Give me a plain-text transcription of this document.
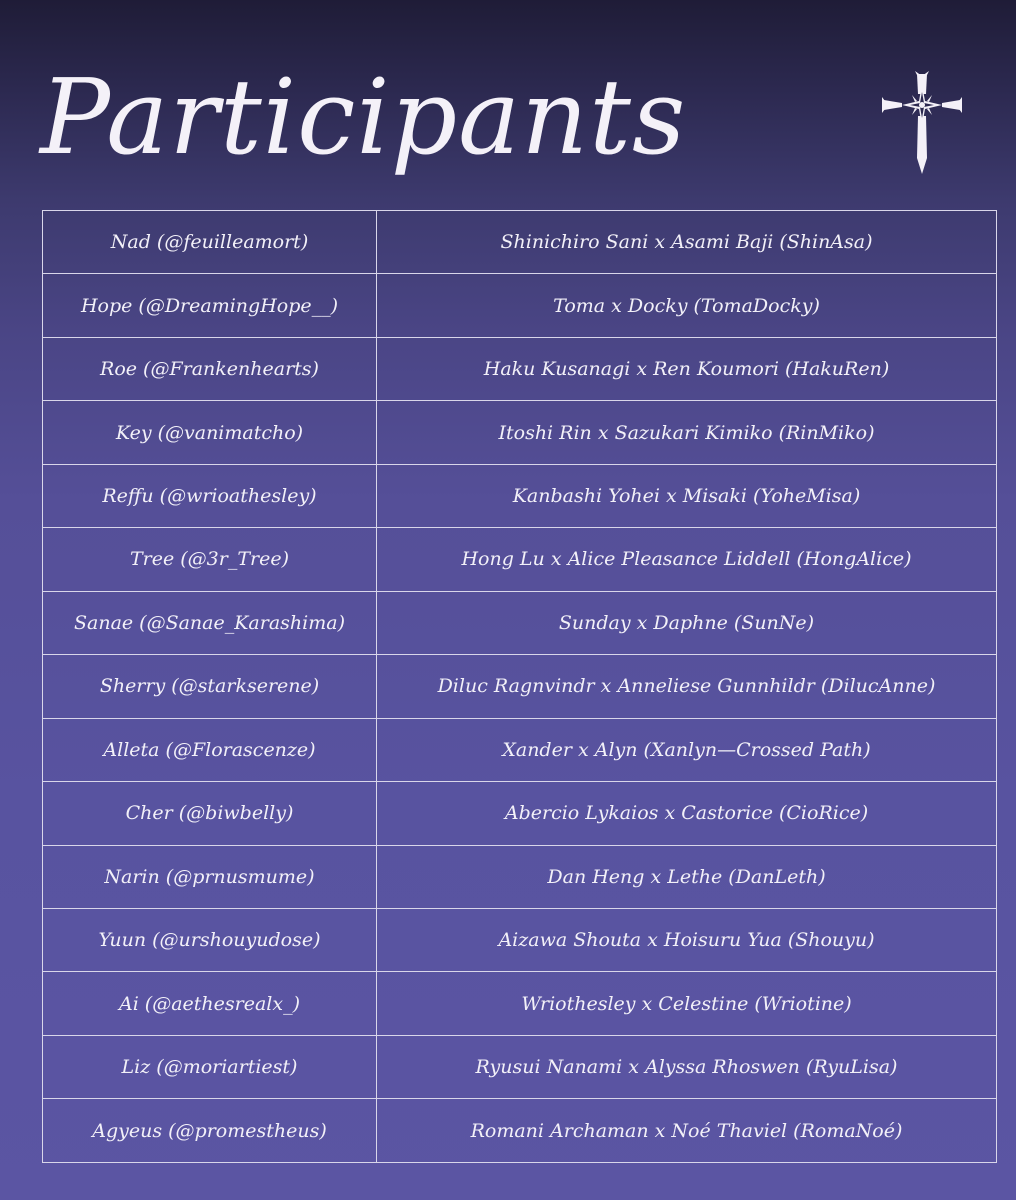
Participants
Nad (@feuilleamort)	Shinichiro Sani x Asami Baji (ShinAsa)
Hope (@DreamingHope__)	Toma x Docky (TomaDocky)
Roe (@Frankenhearts)	Haku Kusanagi x Ren Koumori (HakuRen)
Key (@vanimatcho)	Itoshi Rin x Sazukari Kimiko (RinMiko)
Reffu (@wrioathesley)	Kanbashi Yohei x Misaki (YoheMisa)
Tree (@3r_Tree)	Hong Lu x Alice Pleasance Liddell (HongAlice)
Sanae (@Sanae_Karashima)	Sunday x Daphne (SunNe)
Sherry (@starkserene)	Diluc Ragnvindr x Anneliese Gunnhildr (DilucAnne)
Alleta (@Florascenze)	Xander x Alyn (Xanlyn—Crossed Path)
Cher (@biwbelly)	Abercio Lykaios x Castorice (CioRice)
Narin (@prnusmume)	Dan Heng x Lethe (DanLeth)
Yuun (@urshouyudose)	Aizawa Shouta x Hoisuru Yua (Shouyu)
Ai (@aethesrealx_)	Wriothesley x Celestine (Wriotine)
Liz (@moriartiest)	Ryusui Nanami x Alyssa Rhoswen (RyuLisa)
Agyeus (@promestheus)	Romani Archaman x Noé Thaviel (RomaNoé)
